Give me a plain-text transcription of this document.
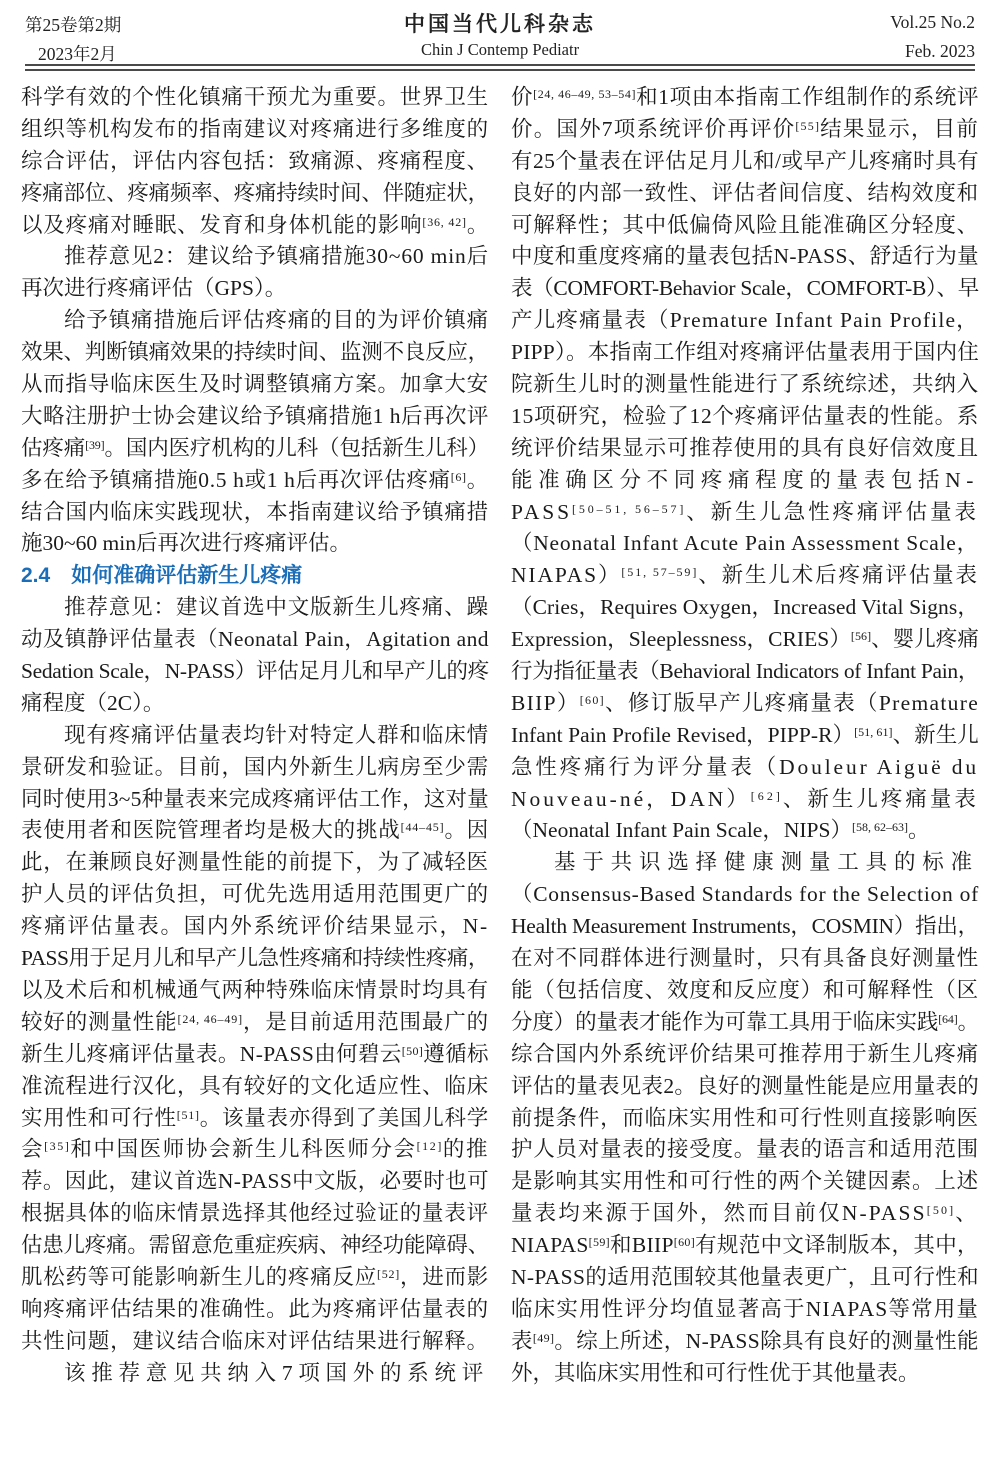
第25卷第2期
2023年2月
中国当代儿科杂志
Chin J Contemp Pediatr
Vol.25 No.2
Feb. 2023
科学有效的个性化镇痛干预尤为重要。世界卫生
组织等机构发布的指南建议对疼痛进行多维度的
综合评估，评估内容包括：致痛源、疼痛程度、
疼痛部位、疼痛频率、疼痛持续时间、伴随症状，
以及疼痛对睡眠、发育和身体机能的影响[36, 42]。
推荐意见2：建议给予镇痛措施30~60 min后
再次进行疼痛评估（GPS）。
给予镇痛措施后评估疼痛的目的为评价镇痛
效果、判断镇痛效果的持续时间、监测不良反应，
从而指导临床医生及时调整镇痛方案。加拿大安
大略注册护士协会建议给予镇痛措施1 h后再次评
估疼痛[39]。国内医疗机构的儿科（包括新生儿科）
多在给予镇痛措施0.5 h或1 h后再次评估疼痛[6]。
结合国内临床实践现状，本指南建议给予镇痛措
施30~60 min后再次进行疼痛评估。
2.4　如何准确评估新生儿疼痛
推荐意见：建议首选中文版新生儿疼痛、躁
动及镇静评估量表（Neonatal Pain，Agitation and
Sedation Scale，N-PASS）评估足月儿和早产儿的疼
痛程度（2C）。
现有疼痛评估量表均针对特定人群和临床情
景研发和验证。目前，国内外新生儿病房至少需
同时使用3~5种量表来完成疼痛评估工作，这对量
表使用者和医院管理者均是极大的挑战[44–45]。因
此，在兼顾良好测量性能的前提下，为了减轻医
护人员的评估负担，可优先选用适用范围更广的
疼痛评估量表。国内外系统评价结果显示，N-
PASS用于足月儿和早产儿急性疼痛和持续性疼痛，
以及术后和机械通气两种特殊临床情景时均具有
较好的测量性能[24, 46–49]，是目前适用范围最广的
新生儿疼痛评估量表。N-PASS由何碧云[50]遵循标
准流程进行汉化，具有较好的文化适应性、临床
实用性和可行性[51]。该量表亦得到了美国儿科学
会[35]和中国医师协会新生儿科医师分会[12]的推
荐。因此，建议首选N-PASS中文版，必要时也可
根据具体的临床情景选择其他经过验证的量表评
估患儿疼痛。需留意危重症疾病、神经功能障碍、
肌松药等可能影响新生儿的疼痛反应[52]，进而影
响疼痛评估结果的准确性。此为疼痛评估量表的
共性问题，建议结合临床对评估结果进行解释。
该推荐意见共纳入7项国外的系统评
价[24, 46–49, 53–54]和1项由本指南工作组制作的系统评
价。国外7项系统评价再评价[55]结果显示，目前
有25个量表在评估足月儿和/或早产儿疼痛时具有
良好的内部一致性、评估者间信度、结构效度和
可解释性；其中低偏倚风险且能准确区分轻度、
中度和重度疼痛的量表包括N-PASS、舒适行为量
表（COMFORT-Behavior Scale，COMFORT-B）、早
产儿疼痛量表（Premature Infant Pain Profile，
PIPP）。本指南工作组对疼痛评估量表用于国内住
院新生儿时的测量性能进行了系统综述，共纳入
15项研究，检验了12个疼痛评估量表的性能。系
统评价结果显示可推荐使用的具有良好信效度且
能准确区分不同疼痛程度的量表包括N-
PASS[50–51, 56–57]、新生儿急性疼痛评估量表
（Neonatal Infant Acute Pain Assessment Scale，
NIAPAS）[51, 57–59]、新生儿术后疼痛评估量表
（Cries，Requires Oxygen，Increased Vital Signs，
Expression，Sleeplessness，CRIES）[56]、婴儿疼痛
行为指征量表（Behavioral Indicators of Infant Pain，
BIIP）[60]、修订版早产儿疼痛量表（Premature
Infant Pain Profile Revised，PIPP-R）[51, 61]、新生儿
急性疼痛行为评分量表（Douleur Aiguë du
Nouveau-né，DAN）[62]、新生儿疼痛量表
（Neonatal Infant Pain Scale，NIPS）[58, 62–63]。
基于共识选择健康测量工具的标准
（Consensus-Based Standards for the Selection of
Health Measurement Instruments，COSMIN）指出，
在对不同群体进行测量时，只有具备良好测量性
能（包括信度、效度和反应度）和可解释性（区
分度）的量表才能作为可靠工具用于临床实践[64]。
综合国内外系统评价结果可推荐用于新生儿疼痛
评估的量表见表2。良好的测量性能是应用量表的
前提条件，而临床实用性和可行性则直接影响医
护人员对量表的接受度。量表的语言和适用范围
是影响其实用性和可行性的两个关键因素。上述
量表均来源于国外，然而目前仅N-PASS[50]、
NIAPAS[59]和BIIP[60]有规范中文译制版本，其中，
N-PASS的适用范围较其他量表更广，且可行性和
临床实用性评分均值显著高于NIAPAS等常用量
表[49]。综上所述，N-PASS除具有良好的测量性能
外，其临床实用性和可行性优于其他量表。
